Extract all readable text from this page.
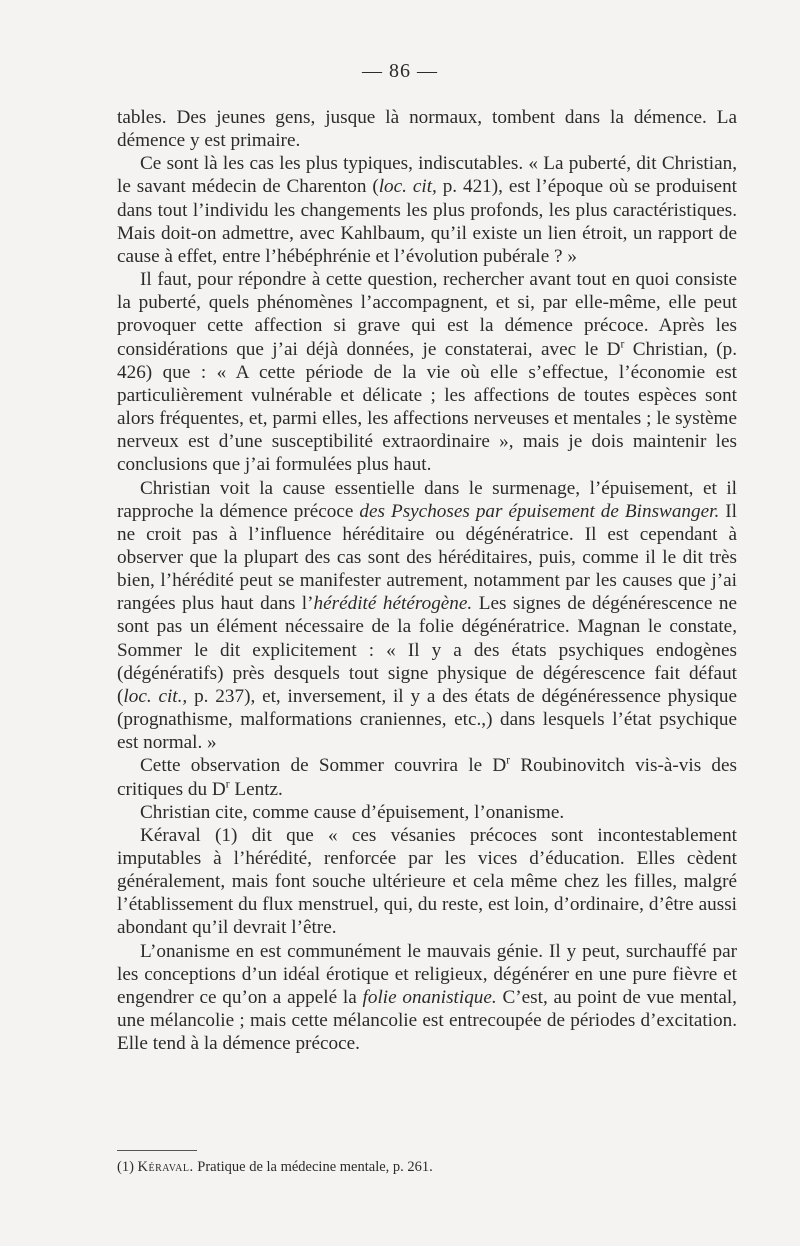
— 86 —

tables. Des jeunes gens, jusque là normaux, tombent dans la démence. La démence y est primaire.

Ce sont là les cas les plus typiques, indiscutables. « La puberté, dit Christian, le savant médecin de Charenton (loc. cit, p. 421), est l’époque où se produisent dans tout l’individu les changements les plus profonds, les plus caractéristiques. Mais doit-on admettre, avec Kahlbaum, qu’il existe un lien étroit, un rapport de cause à effet, entre l’hébéphrénie et l’évolution pubérale ? »

Il faut, pour répondre à cette question, rechercher avant tout en quoi consiste la puberté, quels phénomènes l’accompagnent, et si, par elle-même, elle peut provoquer cette affection si grave qui est la démence précoce. Après les considérations que j’ai déjà données, je constaterai, avec le $D^r$ Christian, (p. 426) que : « A cette période de la vie où elle s’effectue, l’économie est particulièrement vulnérable et délicate ; les affections de toutes espèces sont alors fréquentes, et, parmi elles, les affections nerveuses et mentales ; le système nerveux est d’une susceptibilité extraordinaire », mais je dois maintenir les conclusions que j’ai formulées plus haut.

Christian voit la cause essentielle dans le surmenage, l’épuisement, et il rapproche la démence précoce des Psychoses par épuisement de Binswanger. Il ne croit pas à l’influence héréditaire ou dégénératrice. Il est cependant à observer que la plupart des cas sont des héréditaires, puis, comme il le dit très bien, l’hérédité peut se manifester autrement, notamment par les causes que j’ai rangées plus haut dans l’hérédité hétérogène. Les signes de dégénérescence ne sont pas un élément nécessaire de la folie dégénératrice. Magnan le constate, Sommer le dit explicitement : « Il y a des états psychiques endogènes (dégénératifs) près desquels tout signe physique de dégérescence fait défaut (loc. cit., p. 237), et, inversement, il y a des états de dégénéressence physique (prognathisme, malformations craniennes, etc.,) dans lesquels l’état psychique est normal. »

Cette observation de Sommer couvrira le $D^r$ Roubinovitch vis-à-vis des critiques du $D^r$ Lentz.

Christian cite, comme cause d’épuisement, l’onanisme.

Kéraval (1) dit que « ces vésanies précoces sont incontestablement imputables à l’hérédité, renforcée par les vices d’éducation. Elles cèdent généralement, mais font souche ultérieure et cela même chez les filles, malgré l’établissement du flux menstruel, qui, du reste, est loin, d’ordinaire, d’être aussi abondant qu’il devrait l’être.

L’onanisme en est communément le mauvais génie. Il y peut, surchauffé par les conceptions d’un idéal érotique et religieux, dégénérer en une pure fièvre et engendrer ce qu’on a appelé la folie onanistique. C’est, au point de vue mental, une mélancolie ; mais cette mélancolie est entrecoupée de périodes d’excitation. Elle tend à la démence précoce.

(1) Kéraval. Pratique de la médecine mentale, p. 261.
